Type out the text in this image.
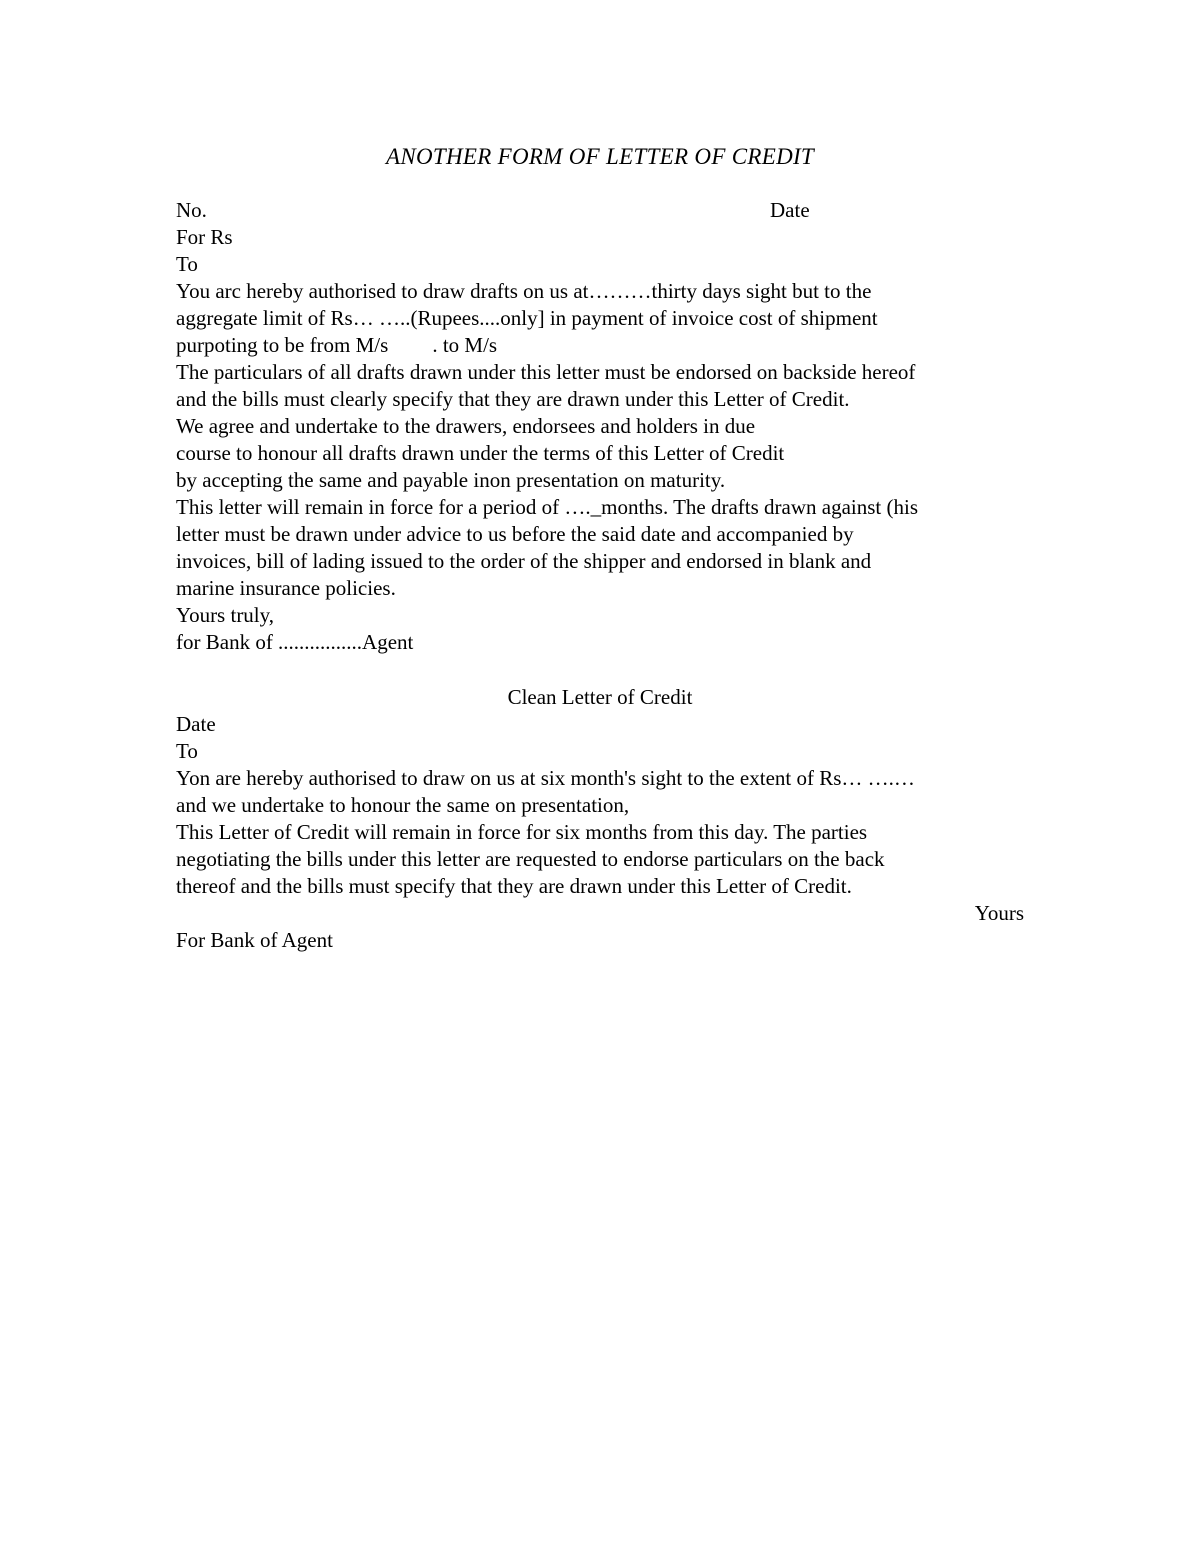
ANOTHER FORM OF LETTER OF CREDIT
No.	Date
For Rs
To
You arc hereby authorised to draw drafts on us at………thirty days sight but to the
aggregate limit of Rs… …..(Rupees....only] in payment of invoice cost of shipment
purpoting to be from M/s . to M/s
The particulars of all drafts drawn under this letter must be endorsed on backside hereof
and the bills must clearly specify that they are drawn under this Letter of Credit.
We agree and undertake to the drawers, endorsees and holders in due
course to honour all drafts drawn under the terms of this Letter of Credit
by accepting the same and payable inon presentation on maturity.
This letter will remain in force for a period of …._months. The drafts drawn against (his
letter must be drawn under advice to us before the said date and accompanied by
invoices, bill of lading issued to the order of the shipper and endorsed in blank and
marine insurance policies.
Yours truly,
for Bank of ................Agent
Clean Letter of Credit
Date
To
Yon are hereby authorised to draw on us at six month's sight to the extent of Rs… ….…
and we undertake to honour the same on presentation,
This Letter of Credit will remain in force for six months from this day. The parties
negotiating the bills under this letter are requested to endorse particulars on the back
thereof and the bills must specify that they are drawn under this Letter of Credit.
Yours
For Bank of Agent
